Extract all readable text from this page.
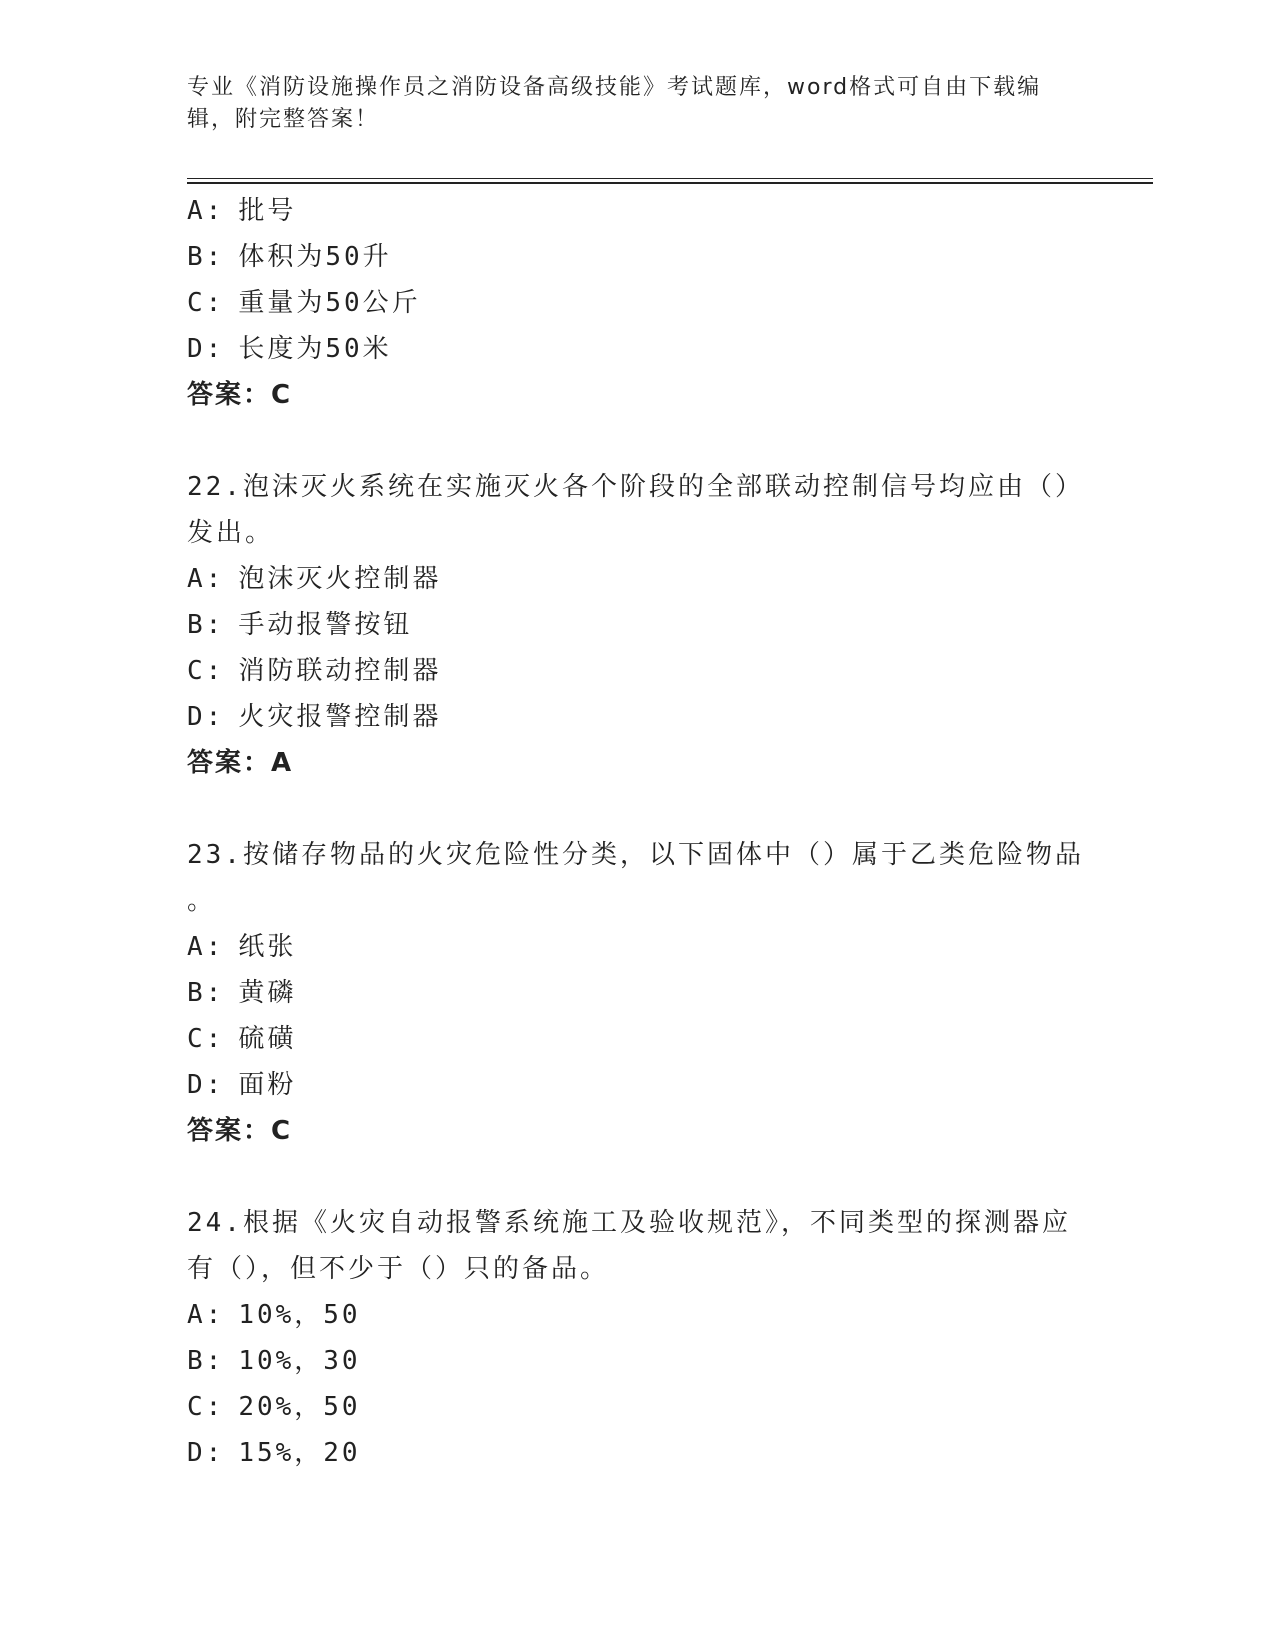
专业《消防设施操作员之消防设备高级技能》考试题库，word格式可自由下载编辑，附完整答案！
A: 批号
B: 体积为50升
C: 重量为50公斤
D: 长度为50米
答案：C
22.泡沫灭火系统在实施灭火各个阶段的全部联动控制信号均应由（）
发出。
A: 泡沫灭火控制器
B: 手动报警按钮
C: 消防联动控制器
D: 火灾报警控制器
答案：A
23.按储存物品的火灾危险性分类，以下固体中（）属于乙类危险物品
。
A: 纸张
B: 黄磷
C: 硫磺
D: 面粉
答案：C
24.根据《火灾自动报警系统施工及验收规范》，不同类型的探测器应
有（），但不少于（）只的备品。
A: 10%，50
B: 10%，30
C: 20%，50
D: 15%，20
